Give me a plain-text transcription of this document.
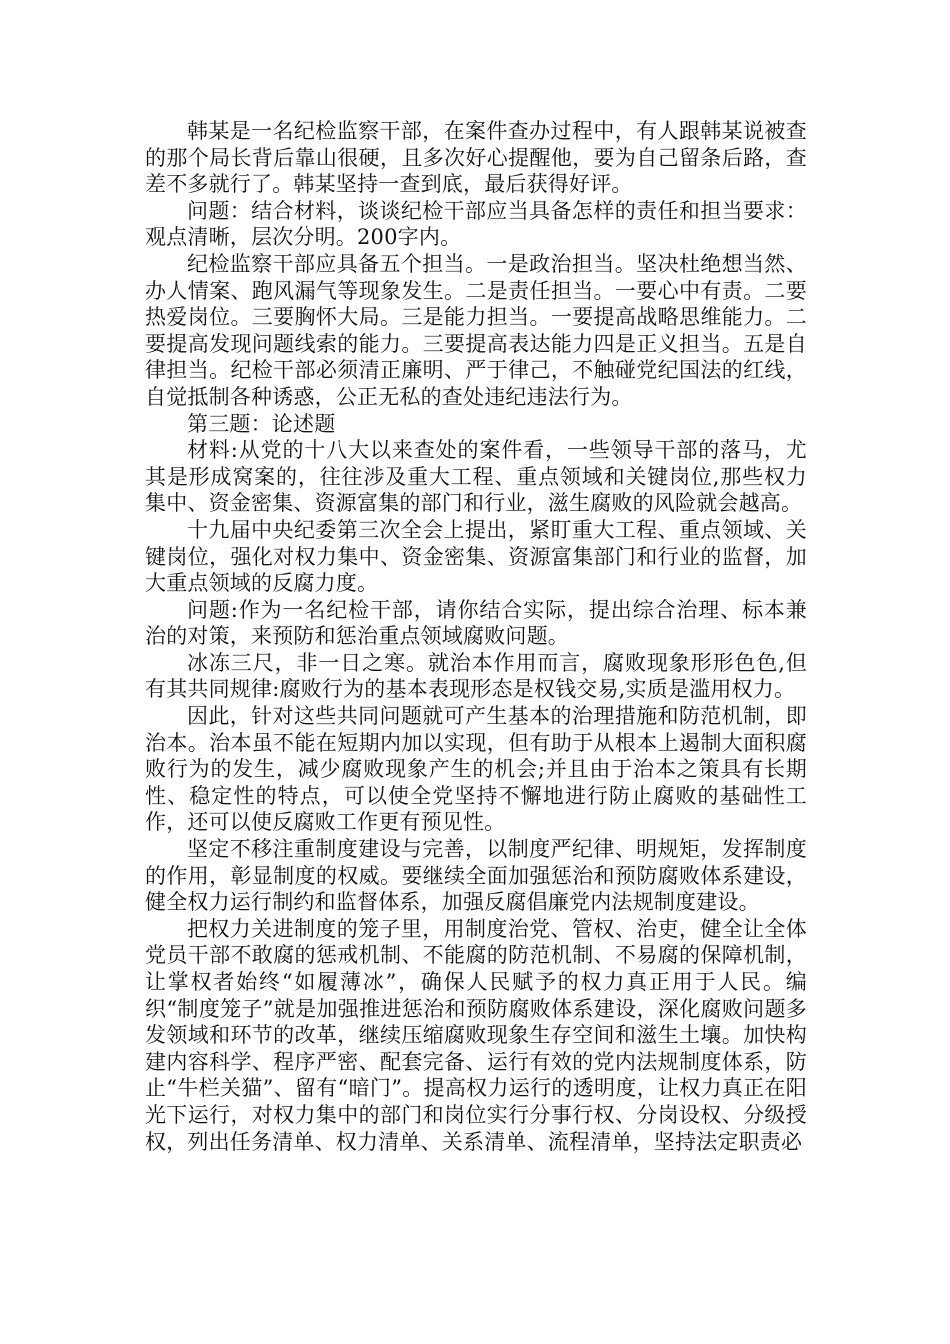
韩某是一名纪检监察干部，在案件查办过程中，有人跟韩某说被查的那个局长背后靠山很硬，且多次好心提醒他，要为自己留条后路，查差不多就行了。韩某坚持一查到底，最后获得好评。

问题：结合材料，谈谈纪检干部应当具备怎样的责任和担当要求：观点清晰，层次分明。200字内。

纪检监察干部应具备五个担当。一是政治担当。坚决杜绝想当然、办人情案、跑风漏气等现象发生。二是责任担当。一要心中有责。二要热爱岗位。三要胸怀大局。三是能力担当。一要提高战略思维能力。二要提高发现问题线索的能力。三要提高表达能力四是正义担当。五是自律担当。纪检干部必须清正廉明、严于律己，不触碰党纪国法的红线，自觉抵制各种诱惑，公正无私的查处违纪违法行为。

第三题：论述题

材料:从党的十八大以来查处的案件看，一些领导干部的落马，尤其是形成窝案的，往往涉及重大工程、重点领域和关键岗位,那些权力集中、资金密集、资源富集的部门和行业，滋生腐败的风险就会越高。

十九届中央纪委第三次全会上提出，紧盯重大工程、重点领域、关键岗位，强化对权力集中、资金密集、资源富集部门和行业的监督，加大重点领域的反腐力度。

问题:作为一名纪检干部，请你结合实际，提出综合治理、标本兼治的对策，来预防和惩治重点领域腐败问题。

冰冻三尺，非一日之寒。就治本作用而言，腐败现象形形色色,但有其共同规律:腐败行为的基本表现形态是权钱交易,实质是滥用权力。

因此，针对这些共同问题就可产生基本的治理措施和防范机制，即治本。治本虽不能在短期内加以实现，但有助于从根本上遏制大面积腐败行为的发生，减少腐败现象产生的机会;并且由于治本之策具有长期性、稳定性的特点，可以使全党坚持不懈地进行防止腐败的基础性工作，还可以使反腐败工作更有预见性。

坚定不移注重制度建设与完善，以制度严纪律、明规矩，发挥制度的作用，彰显制度的权威。要继续全面加强惩治和预防腐败体系建设，健全权力运行制约和监督体系，加强反腐倡廉党内法规制度建设。

把权力关进制度的笼子里，用制度治党、管权、治吏，健全让全体党员干部不敢腐的惩戒机制、不能腐的防范机制、不易腐的保障机制，让掌权者始终“如履薄冰”，确保人民赋予的权力真正用于人民。编织“制度笼子”就是加强推进惩治和预防腐败体系建设，深化腐败问题多发领域和环节的改革，继续压缩腐败现象生存空间和滋生土壤。加快构建内容科学、程序严密、配套完备、运行有效的党内法规制度体系，防止“牛栏关猫”、留有“暗门”。提高权力运行的透明度，让权力真正在阳光下运行，对权力集中的部门和岗位实行分事行权、分岗设权、分级授权，列出任务清单、权力清单、关系清单、流程清单，坚持法定职责必
